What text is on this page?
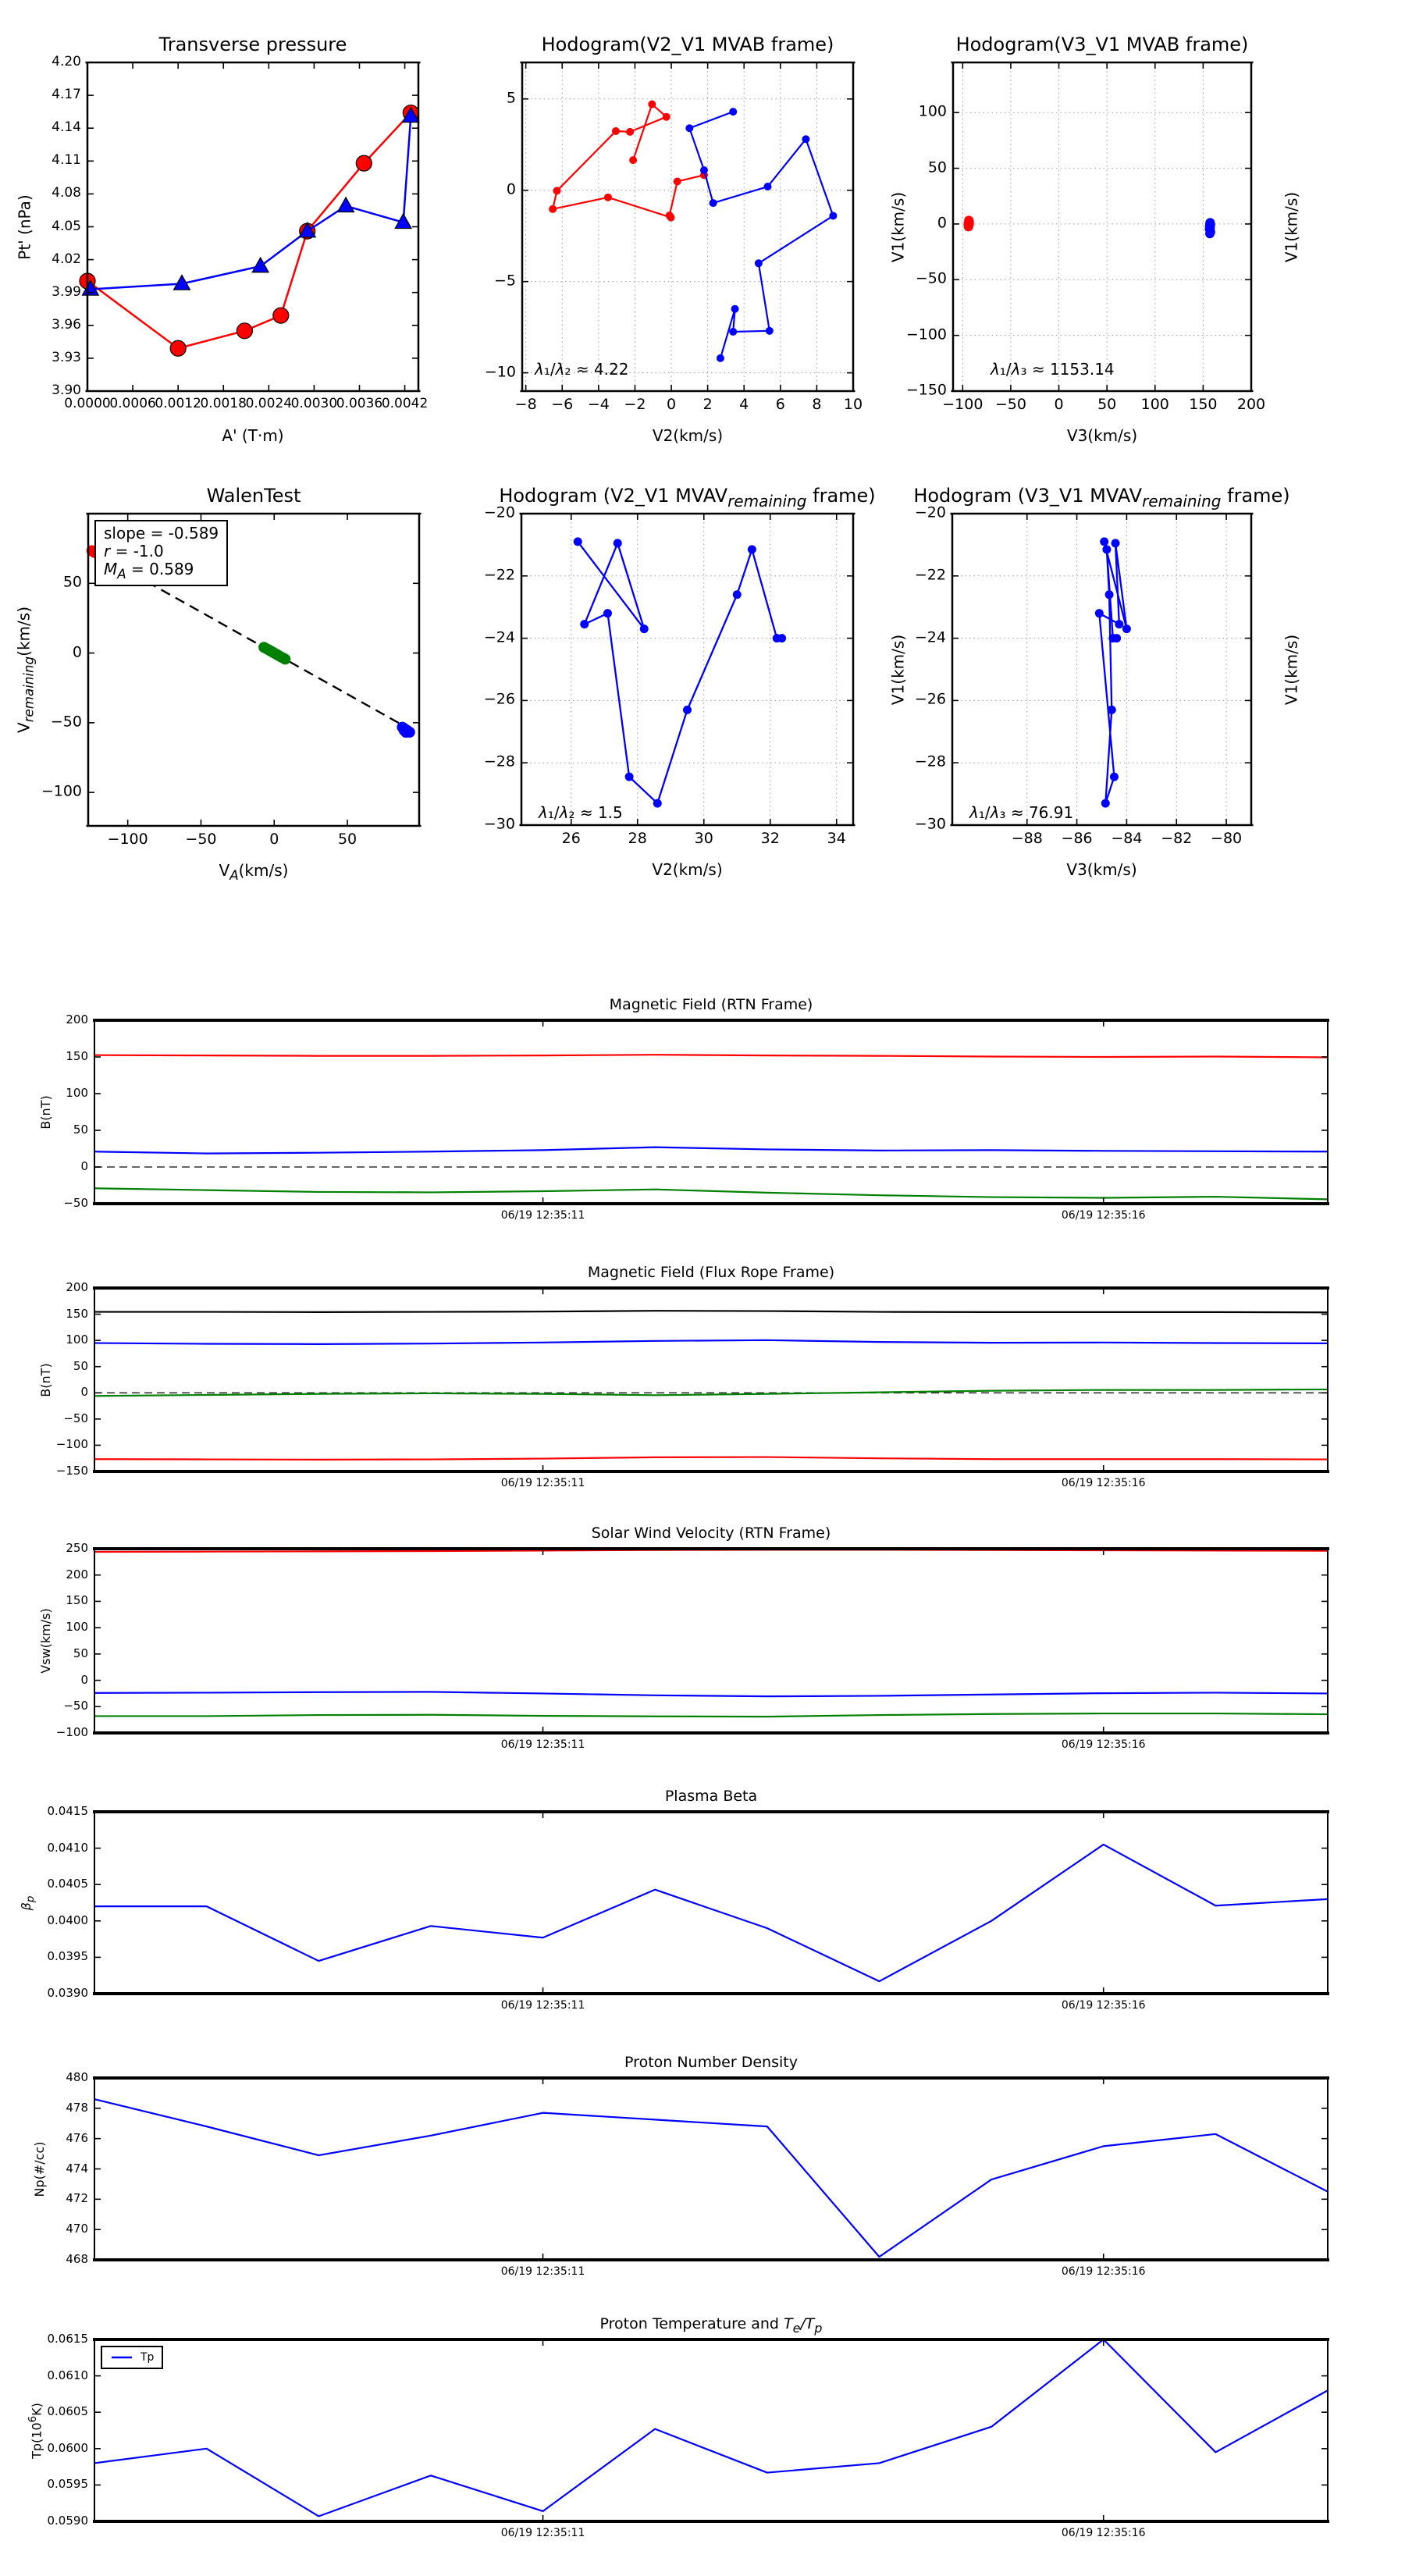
0.0000
0.0006
0.0012
0.0018
0.0024
0.0030
0.0036
0.0042
3.90
3.93
3.96
3.99
4.02
4.05
4.08
4.11
4.14
4.17
4.20
Transverse pressure
A' (T·m)
Pt' (nPa)
−8 −6 −4 −2 0 2 4 6 8 10
5
0
−5
−10
Hodogram(V2_V1 MVAB frame)
V2(km/s)
V1(km/s)
λ₁/λ₂ ≈ 4.22
−100 −50 0 50 100 150 200
100
50
0
−50
−100
−150
Hodogram(V3_V1 MVAB frame)
V3(km/s)
V1(km/s)
λ₁/λ₃ ≈ 1153.14
−100	−50	0	50
50
0
−50
−100
WalenTest
$V_A(km/s)$
$V_{remaining}(km/s)$
slope = -0.589
r = -1.0
$M_A = 0.589$
26	28	30	32	34
−20
−22
−24
−26
−28
−30
Hodogram (V2_V1 $MVAV_{remaining}$ frame)
V2(km/s)
V1(km/s)
λ₁/λ₂ ≈ 1.5
−88 −86 −84 −82 −80
−20
−22
−24
−26
−28
−30
Hodogram (V3_V1 $MVAV_{remaining}$ frame)
V3(km/s)
V1(km/s)
λ₁/λ₃ ≈ 76.91
06/19 12:35:11	06/19 12:35:16
−50
0
50
100
150
200
Magnetic Field (RTN Frame)
B(nT)
06/19 12:35:11	06/19 12:35:16
−150
−100
−50
0
50
100
150
200
Magnetic Field (Flux Rope Frame)
B(nT)
06/19 12:35:11	06/19 12:35:16
−100
−50
0
50
100
150
200
250
Solar Wind Velocity (RTN Frame)
Vsw(km/s)
06/19 12:35:11	06/19 12:35:16
0.0390
0.0395
0.0400
0.0405
0.0410
0.0415
Plasma Beta
$\beta_p$
06/19 12:35:11	06/19 12:35:16
468
470
472
474
476
478
480
Proton Number Density
Np(#/cc)
06/19 12:35:11	06/19 12:35:16
0.0590
0.0595
0.0600
0.0605
0.0610
0.0615
Proton Temperature and $T_e/T_p$
$Tp(10^6K)$
Tp
